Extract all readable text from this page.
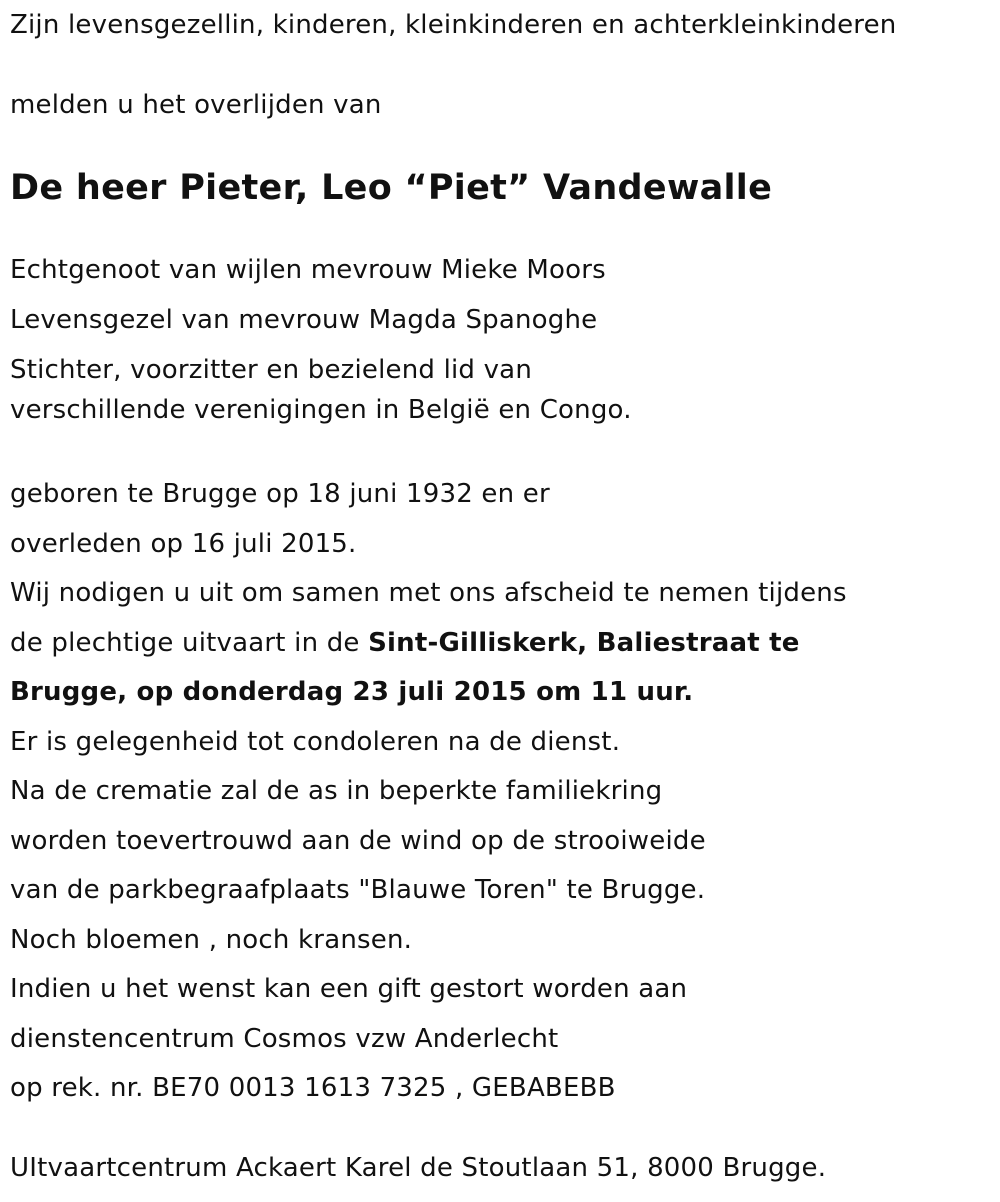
Zijn levensgezellin, kinderen, kleinkinderen en achterkleinkinderen
melden u het overlijden van
De heer Pieter, Leo “Piet” Vandewalle
Echtgenoot van wijlen mevrouw Mieke Moors
Levensgezel van mevrouw Magda Spanoghe
Stichter, voorzitter en bezielend lid van
verschillende verenigingen in België en Congo.
geboren te Brugge op 18 juni 1932 en er
overleden op 16 juli 2015.
Wij nodigen u uit om samen met ons afscheid te nemen tijdens
de plechtige uitvaart in de Sint-Gilliskerk, Baliestraat te
Brugge, op donderdag 23 juli 2015 om 11 uur.
Er is gelegenheid tot condoleren na de dienst.
Na de crematie zal de as in beperkte familiekring
worden toevertrouwd aan de wind op de strooiweide
van de parkbegraafplaats "Blauwe Toren" te Brugge.
Noch bloemen , noch kransen.
Indien u het wenst kan een gift gestort worden aan
dienstencentrum Cosmos vzw Anderlecht
op rek. nr. BE70 0013 1613 7325 , GEBABEBB
UItvaartcentrum Ackaert Karel de Stoutlaan 51, 8000 Brugge.
